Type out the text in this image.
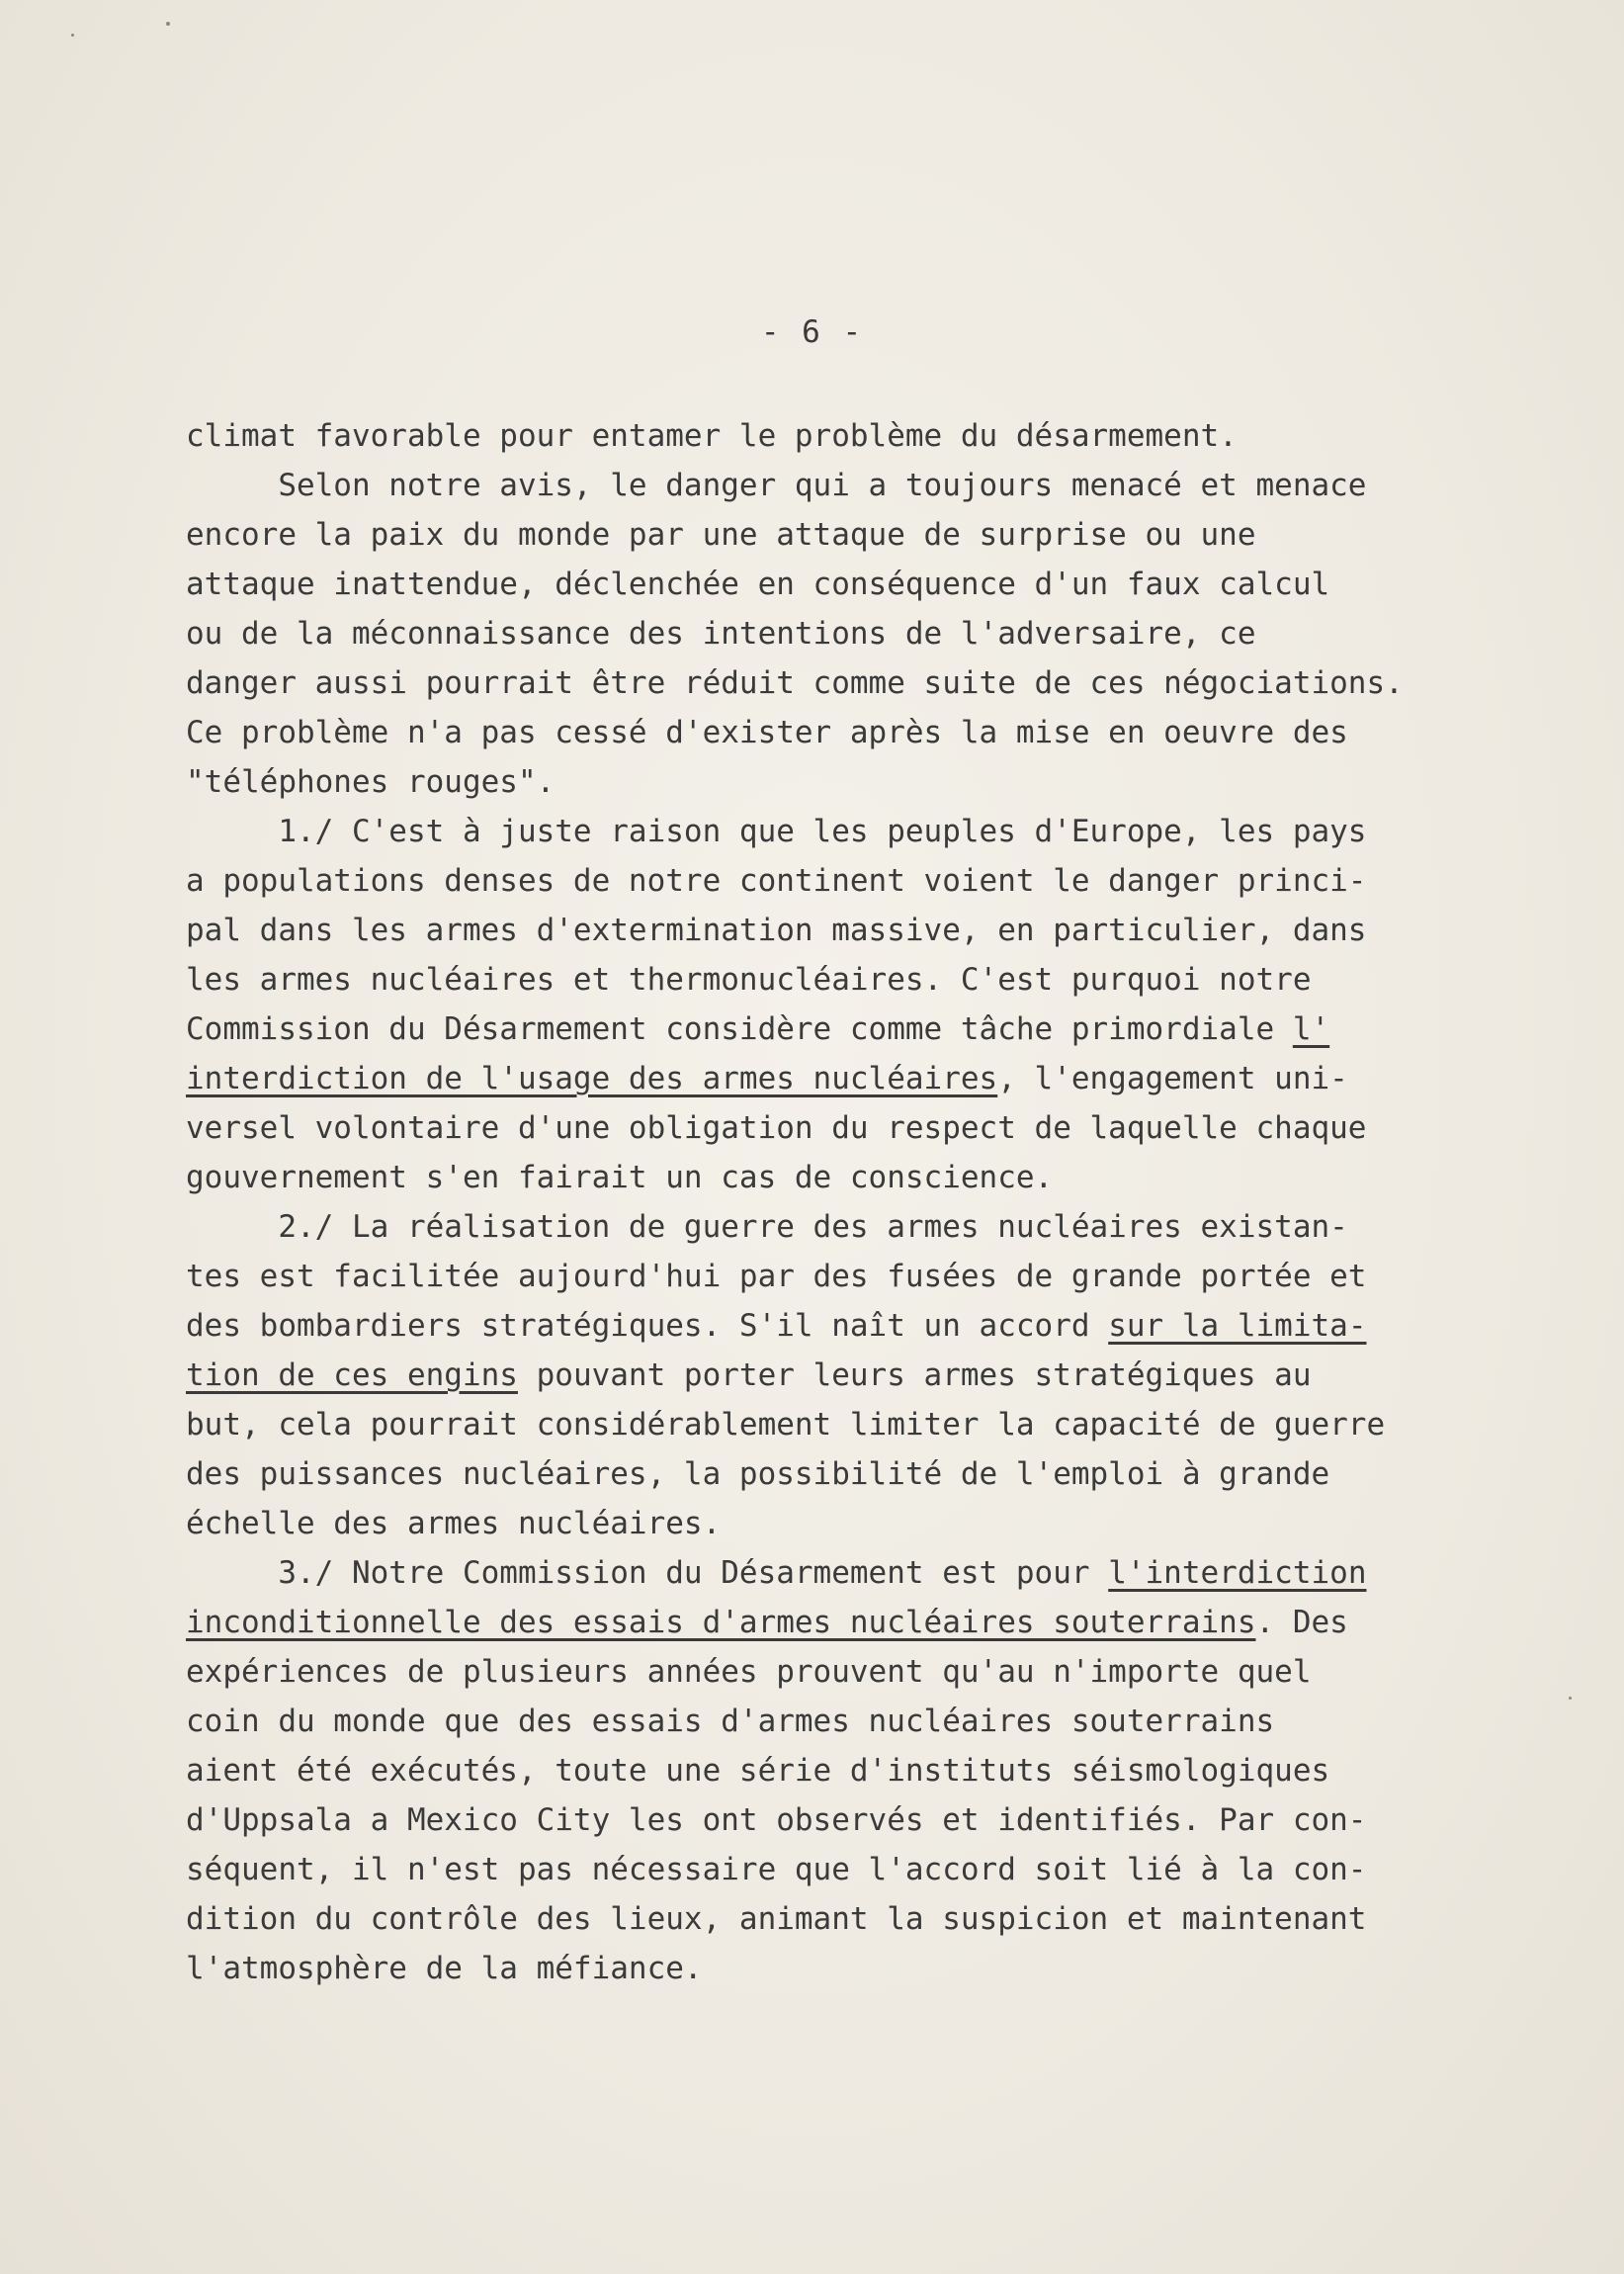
- 6 -
climat favorable pour entamer le problème du désarmement.
Selon notre avis, le danger qui a toujours menacé et menace
encore la paix du monde par une attaque de surprise ou une
attaque inattendue, déclenchée en conséquence d'un faux calcul
ou de la méconnaissance des intentions de l'adversaire, ce
danger aussi pourrait être réduit comme suite de ces négociations.
Ce problème n'a pas cessé d'exister après la mise en oeuvre des
"téléphones rouges".
1./ C'est à juste raison que les peuples d'Europe, les pays
a populations denses de notre continent voient le danger princi-
pal dans les armes d'extermination massive, en particulier, dans
les armes nucléaires et thermonucléaires. C'est purquoi notre
Commission du Désarmement considère comme tâche primordiale l'
interdiction de l'usage des armes nucléaires, l'engagement uni-
versel volontaire d'une obligation du respect de laquelle chaque
gouvernement s'en fairait un cas de conscience.
2./ La réalisation de guerre des armes nucléaires existan-
tes est facilitée aujourd'hui par des fusées de grande portée et
des bombardiers stratégiques. S'il naît un accord sur la limita-
tion de ces engins pouvant porter leurs armes stratégiques au
but, cela pourrait considérablement limiter la capacité de guerre
des puissances nucléaires, la possibilité de l'emploi à grande
échelle des armes nucléaires.
3./ Notre Commission du Désarmement est pour l'interdiction
inconditionnelle des essais d'armes nucléaires souterrains. Des
expériences de plusieurs années prouvent qu'au n'importe quel
coin du monde que des essais d'armes nucléaires souterrains
aient été exécutés, toute une série d'instituts séismologiques
d'Uppsala a Mexico City les ont observés et identifiés. Par con-
séquent, il n'est pas nécessaire que l'accord soit lié à la con-
dition du contrôle des lieux, animant la suspicion et maintenant
l'atmosphère de la méfiance.
